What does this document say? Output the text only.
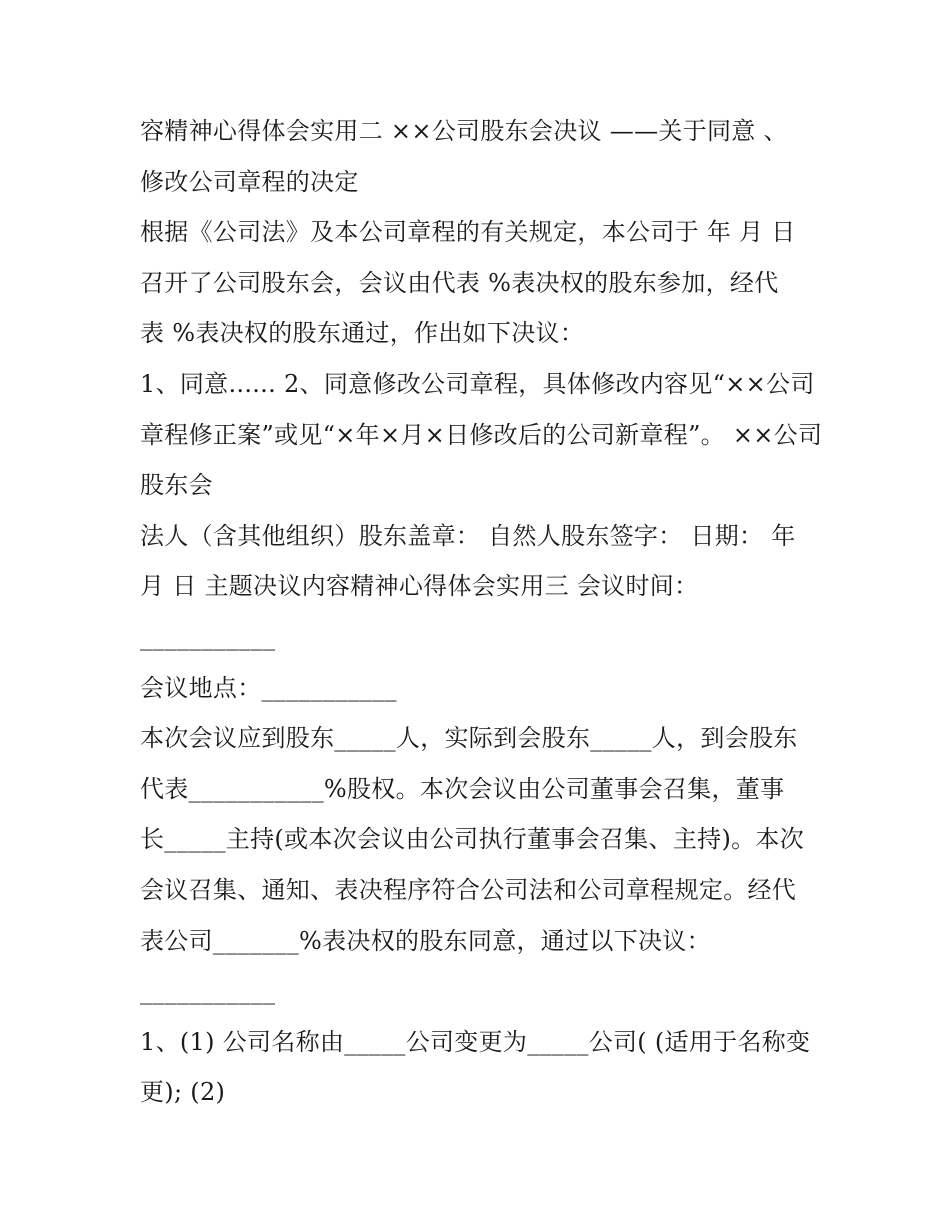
容精神心得体会实用二 ××公司股东会决议 ——关于同意 、
修改公司章程的决定
根据《公司法》及本公司章程的有关规定，本公司于 年 月 日
召开了公司股东会，会议由代表 %表决权的股东参加，经代
表 %表决权的股东通过，作出如下决议：
1、同意...... 2、同意修改公司章程，具体修改内容见“××公司
章程修正案”或见“×年×月×日修改后的公司新章程”。 ××公司
股东会
法人（含其他组织）股东盖章： 自然人股东签字： 日期： 年
月 日 主题决议内容精神心得体会实用三 会议时间：
___________
会议地点：___________
本次会议应到股东_____人，实际到会股东_____人，到会股东
代表___________%股权。本次会议由公司董事会召集，董事
长_____主持(或本次会议由公司执行董事会召集、主持)。本次
会议召集、通知、表决程序符合公司法和公司章程规定。经代
表公司_______%表决权的股东同意，通过以下决议：
___________
1、(1) 公司名称由_____公司变更为_____公司( (适用于名称变
更); (2)
